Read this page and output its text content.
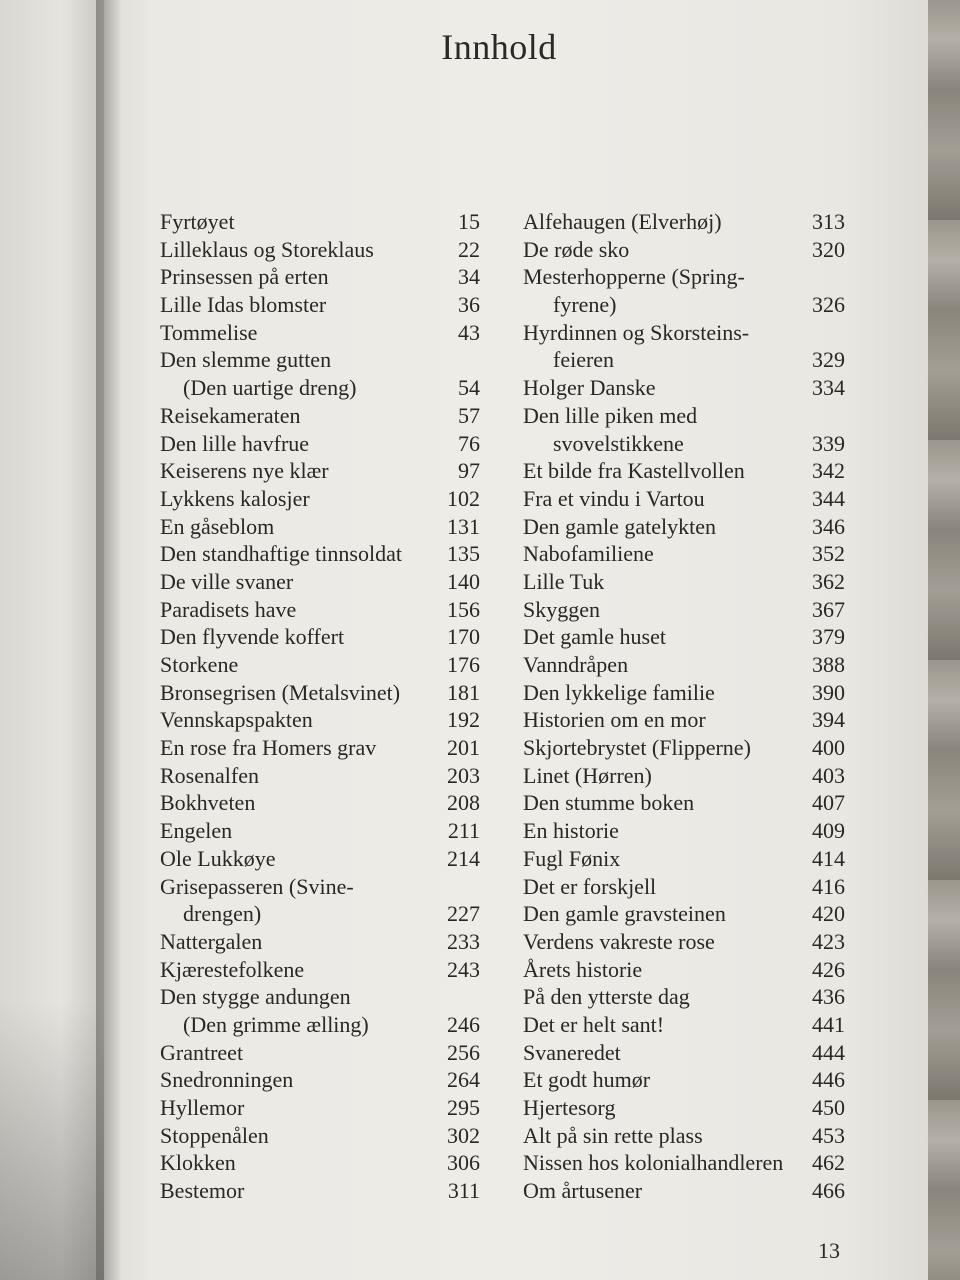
Innhold
Fyrtøyet	15
Lilleklaus og Storeklaus	22
Prinsessen på erten	34
Lille Idas blomster	36
Tommelise	43
Den slemme gutten
(Den uartige dreng)	54
Reisekameraten	57
Den lille havfrue	76
Keiserens nye klær	97
Lykkens kalosjer	102
En gåseblom	131
Den standhaftige tinnsoldat	135
De ville svaner	140
Paradisets have	156
Den flyvende koffert	170
Storkene	176
Bronsegrisen (Metalsvinet)	181
Vennskapspakten	192
En rose fra Homers grav	201
Rosenalfen	203
Bokhveten	208
Engelen	211
Ole Lukkøye	214
Grisepasseren (Svine-
drengen)	227
Nattergalen	233
Kjærestefolkene	243
Den stygge andungen
(Den grimme ælling)	246
Grantreet	256
Snedronningen	264
Hyllemor	295
Stoppenålen	302
Klokken	306
Bestemor	311
Alfehaugen (Elverhøj)	313
De røde sko	320
Mesterhopperne (Spring-
fyrene)	326
Hyrdinnen og Skorsteins-
feieren	329
Holger Danske	334
Den lille piken med
svovelstikkene	339
Et bilde fra Kastellvollen	342
Fra et vindu i Vartou	344
Den gamle gatelykten	346
Nabofamiliene	352
Lille Tuk	362
Skyggen	367
Det gamle huset	379
Vanndråpen	388
Den lykkelige familie	390
Historien om en mor	394
Skjortebrystet (Flipperne)	400
Linet (Hørren)	403
Den stumme boken	407
En historie	409
Fugl Fønix	414
Det er forskjell	416
Den gamle gravsteinen	420
Verdens vakreste rose	423
Årets historie	426
På den ytterste dag	436
Det er helt sant!	441
Svaneredet	444
Et godt humør	446
Hjertesorg	450
Alt på sin rette plass	453
Nissen hos kolonialhandleren	462
Om årtusener	466
13
